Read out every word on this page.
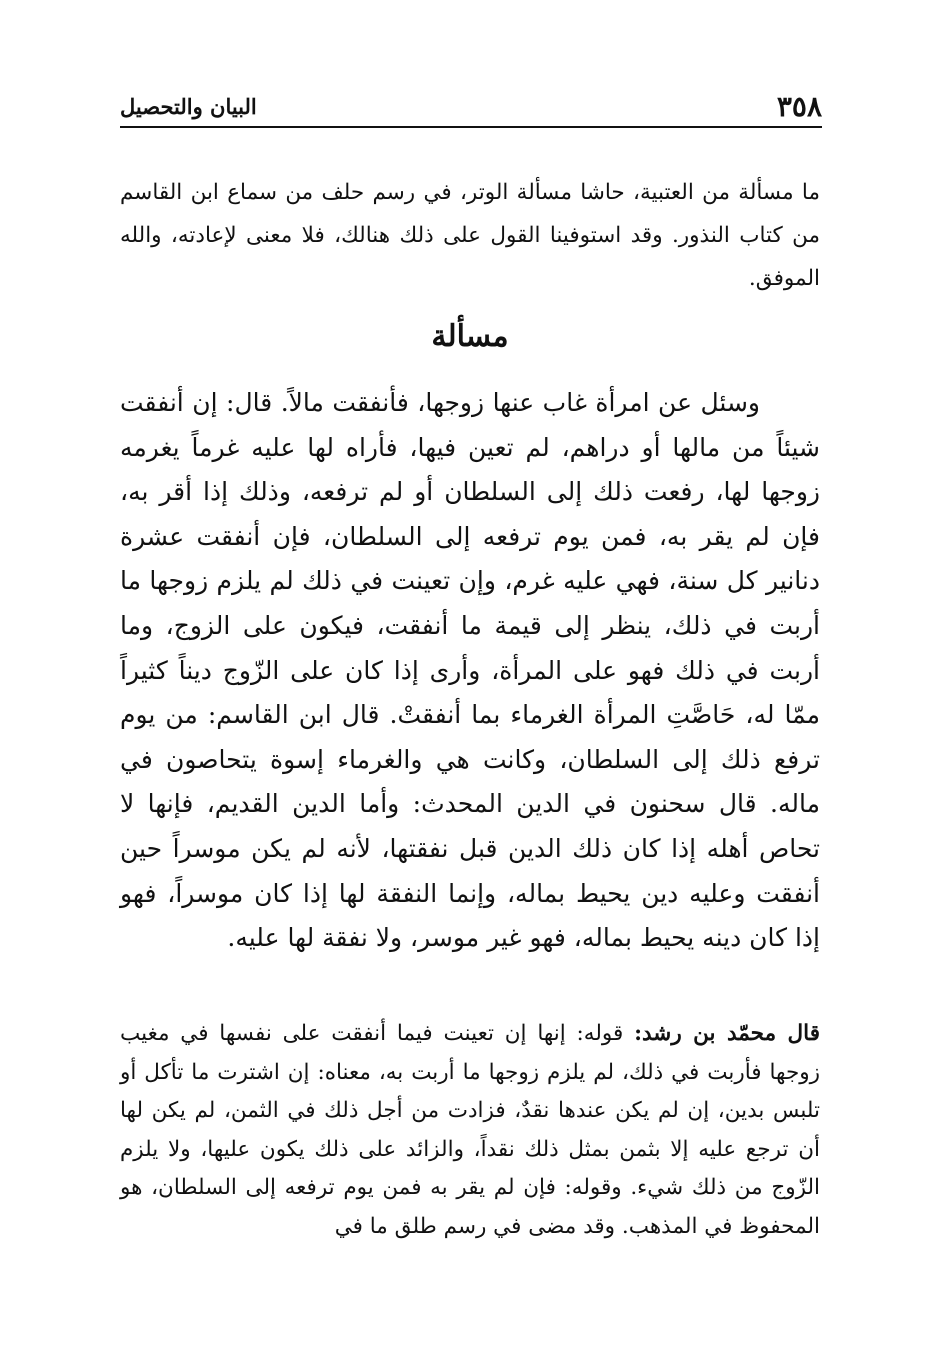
٣٥٨
البيان والتحصيل

ما مسألة من العتبية، حاشا مسألة الوتر، في رسم حلف من سماع ابن القاسم من كتاب النذور. وقد استوفينا القول على ذلك هنالك، فلا معنى لإعادته، والله الموفق.

مسألة

وسئل عن امرأة غاب عنها زوجها، فأنفقت مالاً. قال: إن أنفقت شيئاً من مالها أو دراهم، لم تعين فيها، فأراه لها عليه غرماً يغرمه زوجها لها، رفعت ذلك إلى السلطان أو لم ترفعه، وذلك إذا أقر به، فإن لم يقر به، فمن يوم ترفعه إلى السلطان، فإن أنفقت عشرة دنانير كل سنة، فهي عليه غرم، وإن تعينت في ذلك لم يلزم زوجها ما أربت في ذلك، ينظر إلى قيمة ما أنفقت، فيكون على الزوج، وما أربت في ذلك فهو على المرأة، وأرى إذا كان على الزّوج ديناً كثيراً ممّا له، حَاصَّتِ المرأة الغرماء بما أنفقتْ. قال ابن القاسم: من يوم ترفع ذلك إلى السلطان، وكانت هي والغرماء إسوة يتحاصون في ماله. قال سحنون في الدين المحدث: وأما الدين القديم، فإنها لا تحاص أهله إذا كان ذلك الدين قبل نفقتها، لأنه لم يكن موسراً حين أنفقت وعليه دين يحيط بماله، وإنما النفقة لها إذا كان موسراً، فهو إذا كان دينه يحيط بماله، فهو غير موسر، ولا نفقة لها عليه.

قال محمّد بن رشد: قوله: إنها إن تعينت فيما أنفقت على نفسها في مغيب زوجها فأربت في ذلك، لم يلزم زوجها ما أربت به، معناه: إن اشترت ما تأكل أو تلبس بدين، إن لم يكن عندها نقدٌ، فزادت من أجل ذلك في الثمن، لم يكن لها أن ترجع عليه إلا بثمن بمثل ذلك نقداً، والزائد على ذلك يكون عليها، ولا يلزم الزّوج من ذلك شيء. وقوله: فإن لم يقر به فمن يوم ترفعه إلى السلطان، هو المحفوظ في المذهب. وقد مضى في رسم طلق ما في
